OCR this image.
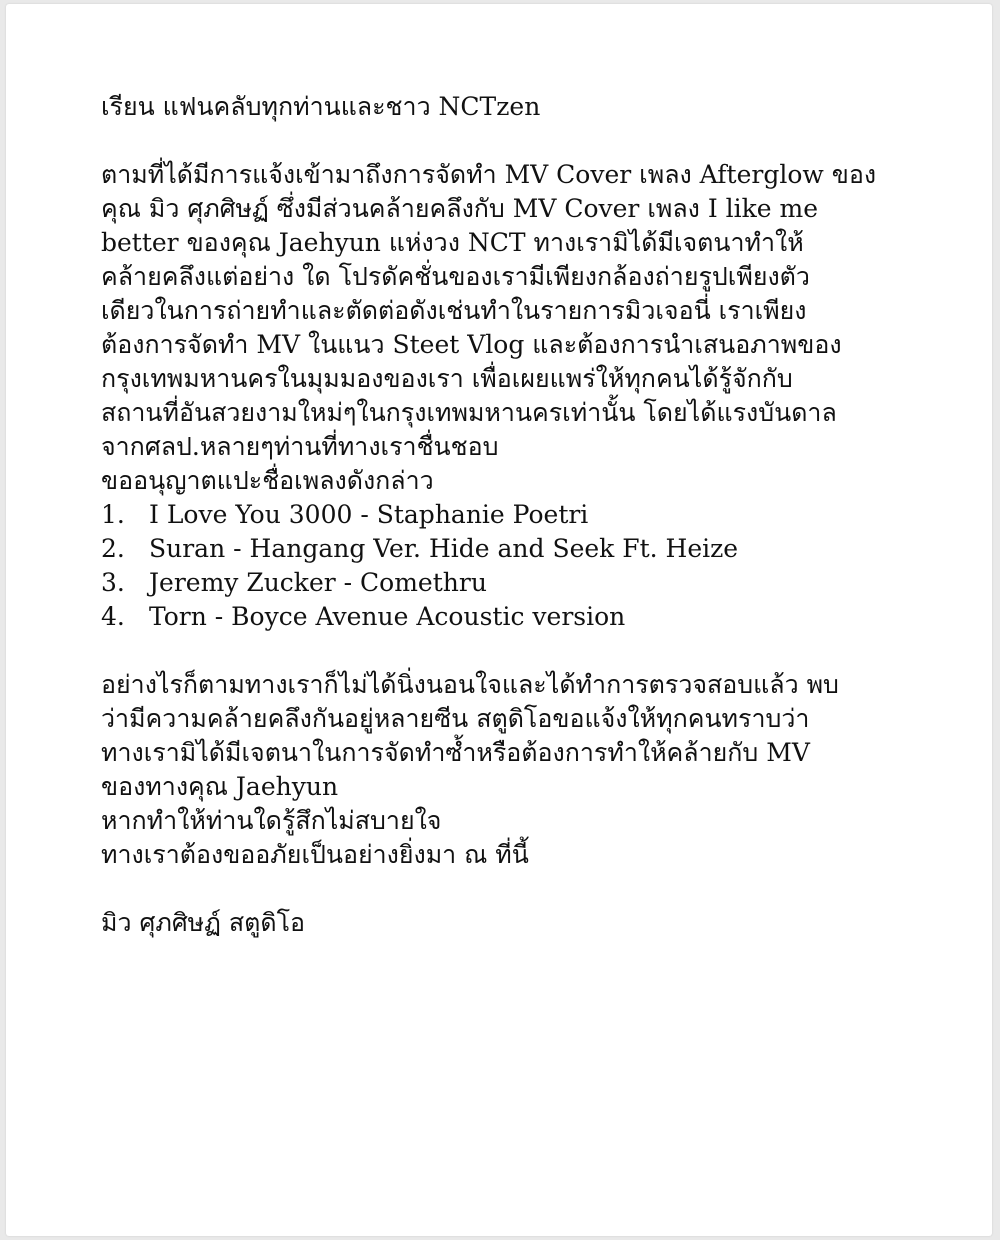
เรียน แฟนคลับทุกท่านและชาว NCTzen
ตามที่ได้มีการแจ้งเข้ามาถึงการจัดทำ MV Cover เพลง Afterglow ของ
คุณ มิว ศุภศิษฏ์ ซึ่งมีส่วนคล้ายคลึงกับ MV Cover เพลง I like me
better ของคุณ Jaehyun แห่งวง NCT ทางเรามิได้มีเจตนาทำให้
คล้ายคลึงแต่อย่าง ใด โปรดัคชั่นของเรามีเพียงกล้องถ่ายรูปเพียงตัว
เดียวในการถ่ายทำและตัดต่อดังเช่นทำในรายการมิวเจอนี่ เราเพียง
ต้องการจัดทำ MV ในแนว Steet Vlog และต้องการนำเสนอภาพของ
กรุงเทพมหานครในมุมมองของเรา เพื่อเผยแพร่ให้ทุกคนได้รู้จักกับ
สถานที่อันสวยงามใหม่ๆในกรุงเทพมหานครเท่านั้น โดยได้แรงบันดาล
จากศลป.หลายๆท่านที่ทางเราชื่นชอบ
ขออนุญาตแปะชื่อเพลงดังกล่าว
1. I Love You 3000 - Staphanie Poetri
2. Suran - Hangang Ver. Hide and Seek Ft. Heize
3. Jeremy Zucker - Comethru
4. Torn - Boyce Avenue Acoustic version
อย่างไรก็ตามทางเราก็ไม่ได้นิ่งนอนใจและได้ทำการตรวจสอบแล้ว พบ
ว่ามีความคล้ายคลึงกันอยู่หลายซีน สตูดิโอขอแจ้งให้ทุกคนทราบว่า
ทางเรามิได้มีเจตนาในการจัดทำซ้ำหรือต้องการทำให้คล้ายกับ MV
ของทางคุณ Jaehyun
หากทำให้ท่านใดรู้สึกไม่สบายใจ
ทางเราต้องขออภัยเป็นอย่างยิ่งมา ณ ที่นี้
มิว ศุภศิษฏ์ สตูดิโอ
